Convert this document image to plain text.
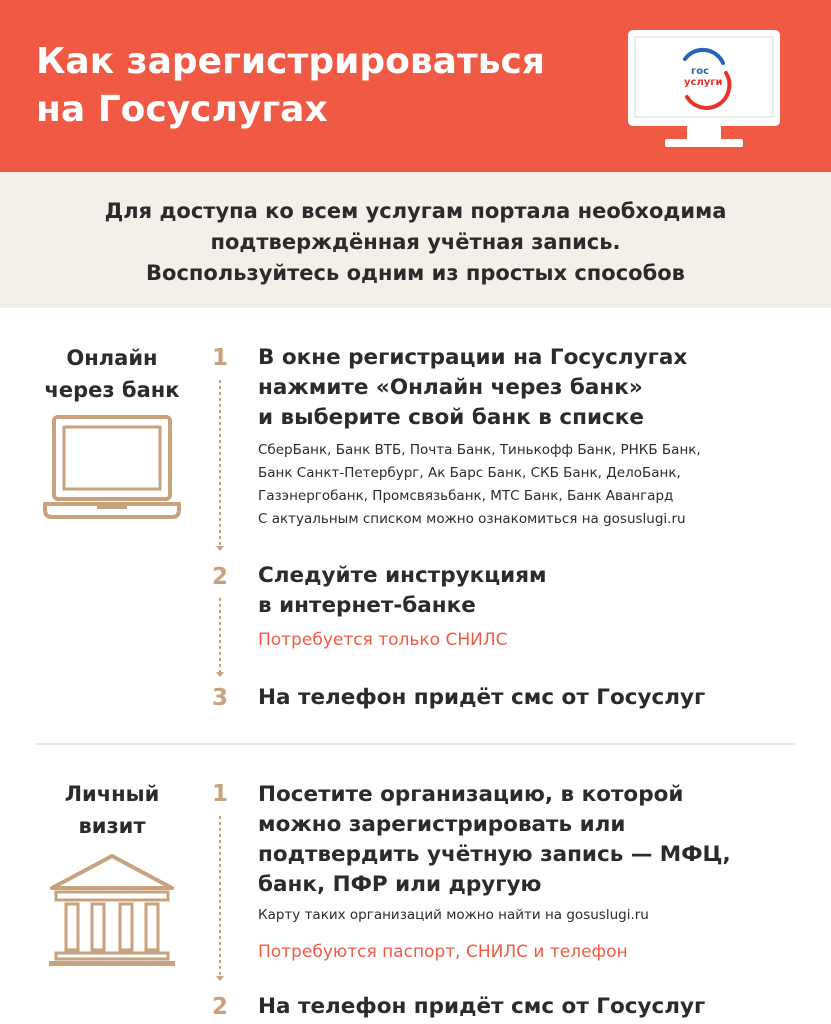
Как зарегистрироваться
на Госуслугах
гос
услуги

Для доступа ко всем услугам портала необходима
подтверждённая учётная запись.
Воспользуйтесь одним из простых способов

Онлайн
через банк
1	В окне регистрации на Госуслугах
нажмите «Онлайн через банк»
и выберите свой банк в списке

СберБанк, Банк ВТБ, Почта Банк, Тинькофф Банк, РНКБ Банк,
Банк Санкт-Петербург, Ак Барс Банк, СКБ Банк, ДелоБанк,
Газэнергобанк, Промсвязьбанк, МТС Банк, Банк Авангард
С актуальным списком можно ознакомиться на gosuslugi.ru
2	Следуйте инструкциям
в интернет-банке

Потребуется только СНИЛС
3	На телефон придёт смс от Госуслуг

Личный
визит
1	Посетите организацию, в которой
можно зарегистрировать или
подтвердить учётную запись — МФЦ,
банк, ПФР или другую

Карту таких организаций можно найти на gosuslugi.ru
Потребуются паспорт, СНИЛС и телефон
2	На телефон придёт смс от Госуслуг
